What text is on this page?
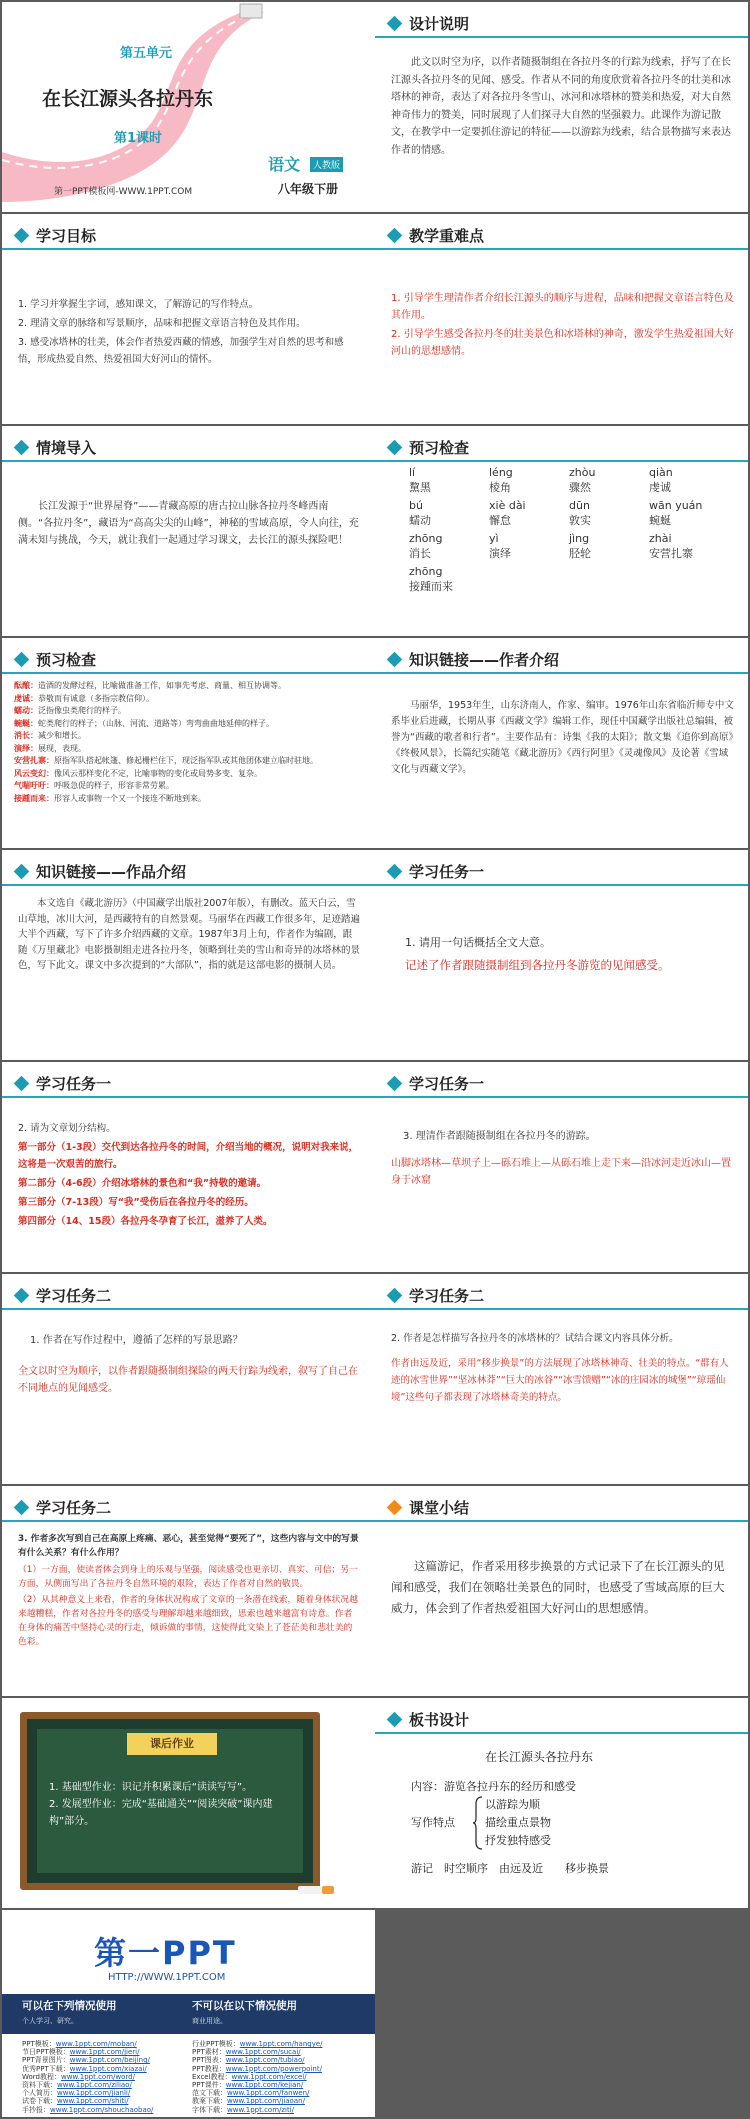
第五单元
在长江源头各拉丹东
第1课时
语文	人教版
第一PPT模板网-WWW.1PPT.COM	八年级下册
设计说明
此文以时空为序，以作者随摄制组在各拉丹冬的行踪为线索，抒写了在长江源头各拉丹冬的见闻、感受。作者从不同的角度欣赏着各拉丹冬的壮美和冰塔林的神奇，表达了对各拉丹冬雪山、冰河和冰塔林的赞美和热爱，对大自然神奇伟力的赞美，同时展现了人们探寻大自然的坚强毅力。此课作为游记散文，在教学中一定要抓住游记的特征——以游踪为线索，结合景物描写来表达作者的情感。
学习目标
1. 学习并掌握生字词，感知课文，了解游记的写作特点。
2. 理清文章的脉络和写景顺序，品味和把握文章语言特色及其作用。
3. 感受冰塔林的壮美，体会作者热爱西藏的情感，加强学生对自然的思考和感悟，形成热爱自然、热爱祖国大好河山的情怀。
教学重难点
1. 引导学生理清作者介绍长江源头的顺序与进程，品味和把握文章语言特色及其作用。
2. 引导学生感受各拉丹冬的壮美景色和冰塔林的神奇，激发学生热爱祖国大好河山的思想感情。
情境导入
长江发源于“世界屋脊”——青藏高原的唐古拉山脉各拉丹冬峰西南侧。“各拉丹冬”，藏语为“高高尖尖的山峰”，神秘的雪域高原，令人向往，充满未知与挑战，今天，就让我们一起通过学习课文，去长江的源头探险吧！
预习检查
lí
黧黑
léng
棱角
zhòu
骤然
qiàn
虔诚
bú
蠕动
xiè dài
懈怠
dūn
敦实
wān yuán
蜿蜒
zhōng
消长
yì
演绎
jìng
胫轮
zhài
安营扎寨
zhōng
接踵而来
预习检查
酝酿： 造酒的发酵过程，比喻做准备工作，如事先考虑、商量、相互协调等。
虔诚： 恭敬而有诚意（多指宗教信仰）。
蠕动： 泛指像虫类爬行的样子。
蜿蜒： 蛇类爬行的样子；（山脉、河流、道路等）弯弯曲曲地延伸的样子。
消长： 减少和增长。
演绎： 展现，表现。
安营扎寨： 原指军队搭起帐篷、修起栅栏住下，现泛指军队或其他团体建立临时驻地。
风云变幻： 像风云那样变化不定，比喻事物的变化或局势多变、复杂。
气喘吁吁： 呼吸急促的样子，形容非常劳累。
接踵而来： 形容人或事物一个又一个接连不断地到来。
知识链接——作者介绍
马丽华，1953年生，山东济南人，作家、编审。1976年山东省临沂师专中文系毕业后进藏，长期从事《西藏文学》编辑工作，现任中国藏学出版社总编辑，被誉为“西藏的歌者和行者”。主要作品有：诗集《我的太阳》；散文集《追你到高原》《终极风景》，长篇纪实随笔《藏北游历》《西行阿里》《灵魂像风》及论著《雪域文化与西藏文学》。
知识链接——作品介绍
本文选自《藏北游历》（中国藏学出版社2007年版），有删改。蓝天白云，雪山草地，冰川大河，是西藏特有的自然景观。马丽华在西藏工作很多年，足迹踏遍大半个西藏，写下了许多介绍西藏的文章。1987年3月上旬，作者作为编剧，跟随《万里藏北》电影摄制组走进各拉丹冬，领略到壮美的雪山和奇异的冰塔林的景色，写下此文。课文中多次提到的“大部队”，指的就是这部电影的摄制人员。
学习任务一
1. 请用一句话概括全文大意。
记述了作者跟随摄制组到各拉丹冬游览的见闻感受。
学习任务一
2. 请为文章划分结构。
第一部分（1-3段）交代到达各拉丹冬的时间，介绍当地的概况，说明对我来说，这将是一次艰苦的旅行。
第二部分（4-6段）介绍冰塔林的景色和“我”持敬的邀请。
第三部分（7-13段）写“我”受伤后在各拉丹冬的经历。
第四部分（14、15段）各拉丹冬孕育了长江，滋养了人类。
学习任务一
3. 理清作者跟随摄制组在各拉丹冬的游踪。
山脚冰塔林—草坝子上—砾石堆上—从砾石堆上走下来—沿冰河走近冰山—置身于冰窟
学习任务二
1. 作者在写作过程中，遵循了怎样的写景思路？
全文以时空为顺序，以作者跟随摄制组探险的两天行踪为线索，叙写了自己在不同地点的见闻感受。
学习任务二
2. 作者是怎样描写各拉丹冬的冰塔林的？试结合课文内容具体分析。
作者由远及近，采用“移步换景”的方法展现了冰塔林神奇、壮美的特点。“群有人迹的冰雪世界”“坚冰林莽”“巨大的冰谷”“冰雪馈赠”“冰的庄园冰的城堡”“琼瑶仙境”这些句子都表现了冰塔林奇美的特点。
学习任务二
3. 作者多次写到自己在高原上疼痛、恶心，甚至觉得“要死了”，这些内容与文中的写景有什么关系？有什么作用？
（1）一方面，使读者体会到身上的乐观与坚强，阅读感受也更亲切、真实、可信；另一方面，从侧面写出了各拉丹冬自然环境的艰险，表达了作者对自然的敬畏。
（2）从其种意义上来看，作者的身体状况构成了文章的一条潜在线索，随着身体状况越来越糟糕，作者对各拉丹冬的感受与理解却越来越细致，思索也越来越富有诗意。作者在身体的痛苦中坚持心灵的行走，倾诉做的事情，这使得此文染上了苍茫美和悲壮美的色彩。
课堂小结
这篇游记，作者采用移步换景的方式记录下了在长江源头的见闻和感受，我们在领略壮美景色的同时，也感受了雪域高原的巨大威力，体会到了作者热爱祖国大好河山的思想感情。
课后作业
1. 基础型作业：识记并积累课后“读读写写”。
2. 发展型作业：完成“基础通关”“阅读突破”课内建构”部分。
板书设计
在长江源头各拉丹东
内容：游览各拉丹东的经历和感受
写作特点
以游踪为顺
描绘重点景物
抒发独特感受
游记　时空顺序　由远及近　　移步换景
第一PPT
HTTP://WWW.1PPT.COM
可以在下列情况使用
个人学习、研究。
不可以在以下情况使用
商业用途。
PPT模板：www.1ppt.com/moban/
节日PPT模板：www.1ppt.com/jieri/
PPT背景图片：www.1ppt.com/beijing/
优秀PPT下载：www.1ppt.com/xiazai/
Word教程：www.1ppt.com/word/
资料下载：www.1ppt.com/ziliao/
个人简历：www.1ppt.com/jianli/
试卷下载：www.1ppt.com/shiti/
手抄报：www.1ppt.com/shouchaobao/
行业PPT模板：www.1ppt.com/hangye/
PPT素材：www.1ppt.com/sucai/
PPT图表：www.1ppt.com/tubiao/
PPT教程：www.1ppt.com/powerpoint/
Excel教程：www.1ppt.com/excel/
PPT课件：www.1ppt.com/kejian/
范文下载：www.1ppt.com/fanwen/
教案下载：www.1ppt.com/jiaoan/
字体下载：www.1ppt.com/ziti/
